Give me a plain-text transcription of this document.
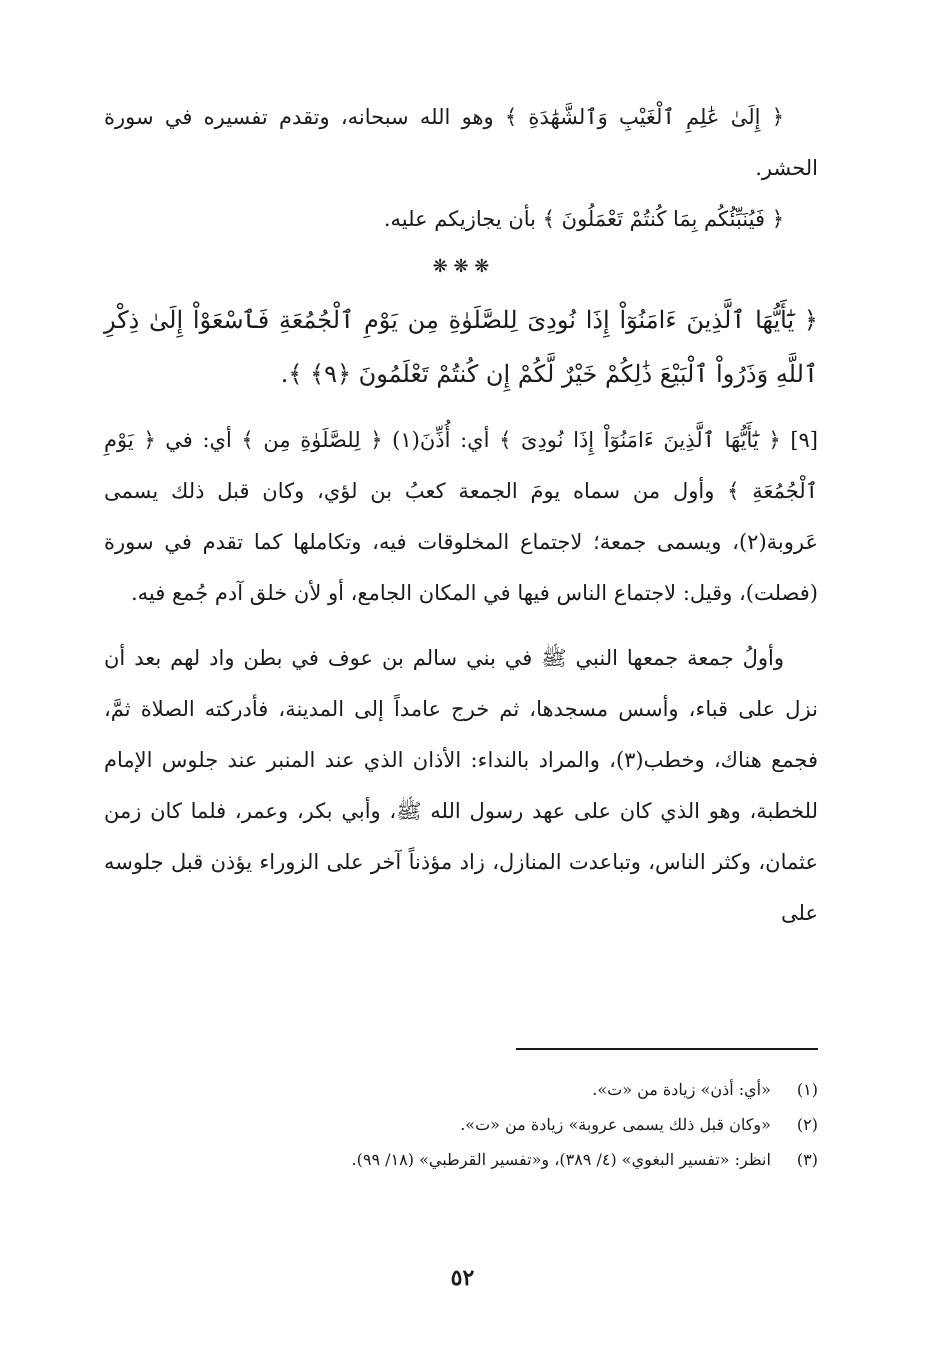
﴿ إِلَىٰ عَٰلِمِ ٱلْغَيْبِ وَٱلشَّهَٰدَةِ ﴾ وهو الله سبحانه، وتقدم تفسيره في سورة الحشر.

﴿ فَيُنَبِّئُكُم بِمَا كُنتُمْ تَعْمَلُونَ ﴾ بأن يجازيكم عليه.

❋ ❋ ❋

﴿ يَٰٓأَيُّهَا ٱلَّذِينَ ءَامَنُوٓاْ إِذَا نُودِىَ لِلصَّلَوٰةِ مِن يَوْمِ ٱلْجُمُعَةِ فَٱسْعَوْاْ إِلَىٰ ذِكْرِ ٱللَّهِ وَذَرُواْ ٱلْبَيْعَ ذَٰلِكُمْ خَيْرٌ لَّكُمْ إِن كُنتُمْ تَعْلَمُونَ ﴿٩﴾ ﴾.

[٩] ﴿ يَٰٓأَيُّهَا ٱلَّذِينَ ءَامَنُوٓاْ إِذَا نُودِىَ ﴾ أي: أُذِّنَ(١) ﴿ لِلصَّلَوٰةِ مِن ﴾ أي: في ﴿ يَوْمِ ٱلْجُمُعَةِ ﴾ وأول من سماه يومَ الجمعة كعبُ بن لؤي، وكان قبل ذلك يسمى عَروبة(٢)، ويسمى جمعة؛ لاجتماع المخلوقات فيه، وتكاملها كما تقدم في سورة (فصلت)، وقيل: لاجتماع الناس فيها في المكان الجامع، أو لأن خلق آدم جُمع فيه.

وأولُ جمعة جمعها النبي ﷺ في بني سالم بن عوف في بطن واد لهم بعد أن نزل على قباء، وأسس مسجدها، ثم خرج عامداً إلى المدينة، فأدركته الصلاة ثمَّ، فجمع هناك، وخطب(٣)، والمراد بالنداء: الأذان الذي عند المنبر عند جلوس الإمام للخطبة، وهو الذي كان على عهد رسول الله ﷺ، وأبي بكر، وعمر، فلما كان زمن عثمان، وكثر الناس، وتباعدت المنازل، زاد مؤذناً آخر على الزوراء يؤذن قبل جلوسه على

(١) «أي: أذن» زيادة من «ت».

(٢) «وكان قبل ذلك يسمى عروبة» زيادة من «ت».

(٣) انظر: «تفسير البغوي» (٤/ ٣٨٩)، و«تفسير القرطبي» (١٨/ ٩٩).

٥٢
